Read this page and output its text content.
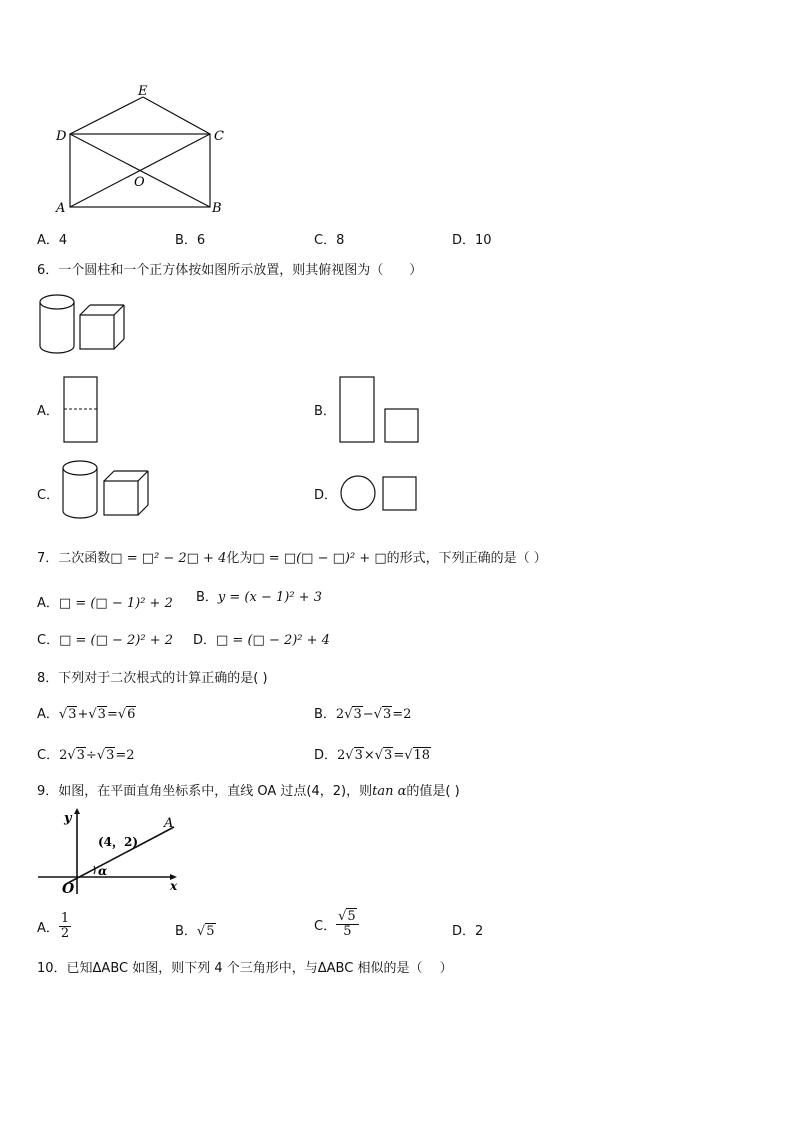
E
D	C
O
A	B
A．4	B．6	C．8	D．10
6．一个圆柱和一个正方体按如图所示放置，则其俯视图为（　　）
A．	B．
C．	D．
7．二次函数□ = □² − 2□ + 4化为□ = □(□ − □)² + □的形式，下列正确的是（ ）
A．□ = (□ − 1)² + 2 B．y = (x − 1)² + 3
C．□ = (□ − 2)² + 2 D．□ = (□ − 2)² + 4
8．下列对于二次根式的计算正确的是( )
A．√3+√3=√6	B．2√3−√3=2
C．2√3÷√3=2	D．2√3×√3=√18
9．如图，在平面直角坐标系中，直线 OA 过点(4，2)，则tan α的值是( )
y
x
O
A
(4，2)
α
A． $\frac{1}{2}$	B．√5	C． $\frac{√5}{5}$	D．2
10．已知ΔABC 如图，则下列 4 个三角形中，与ΔABC 相似的是（　 ）
